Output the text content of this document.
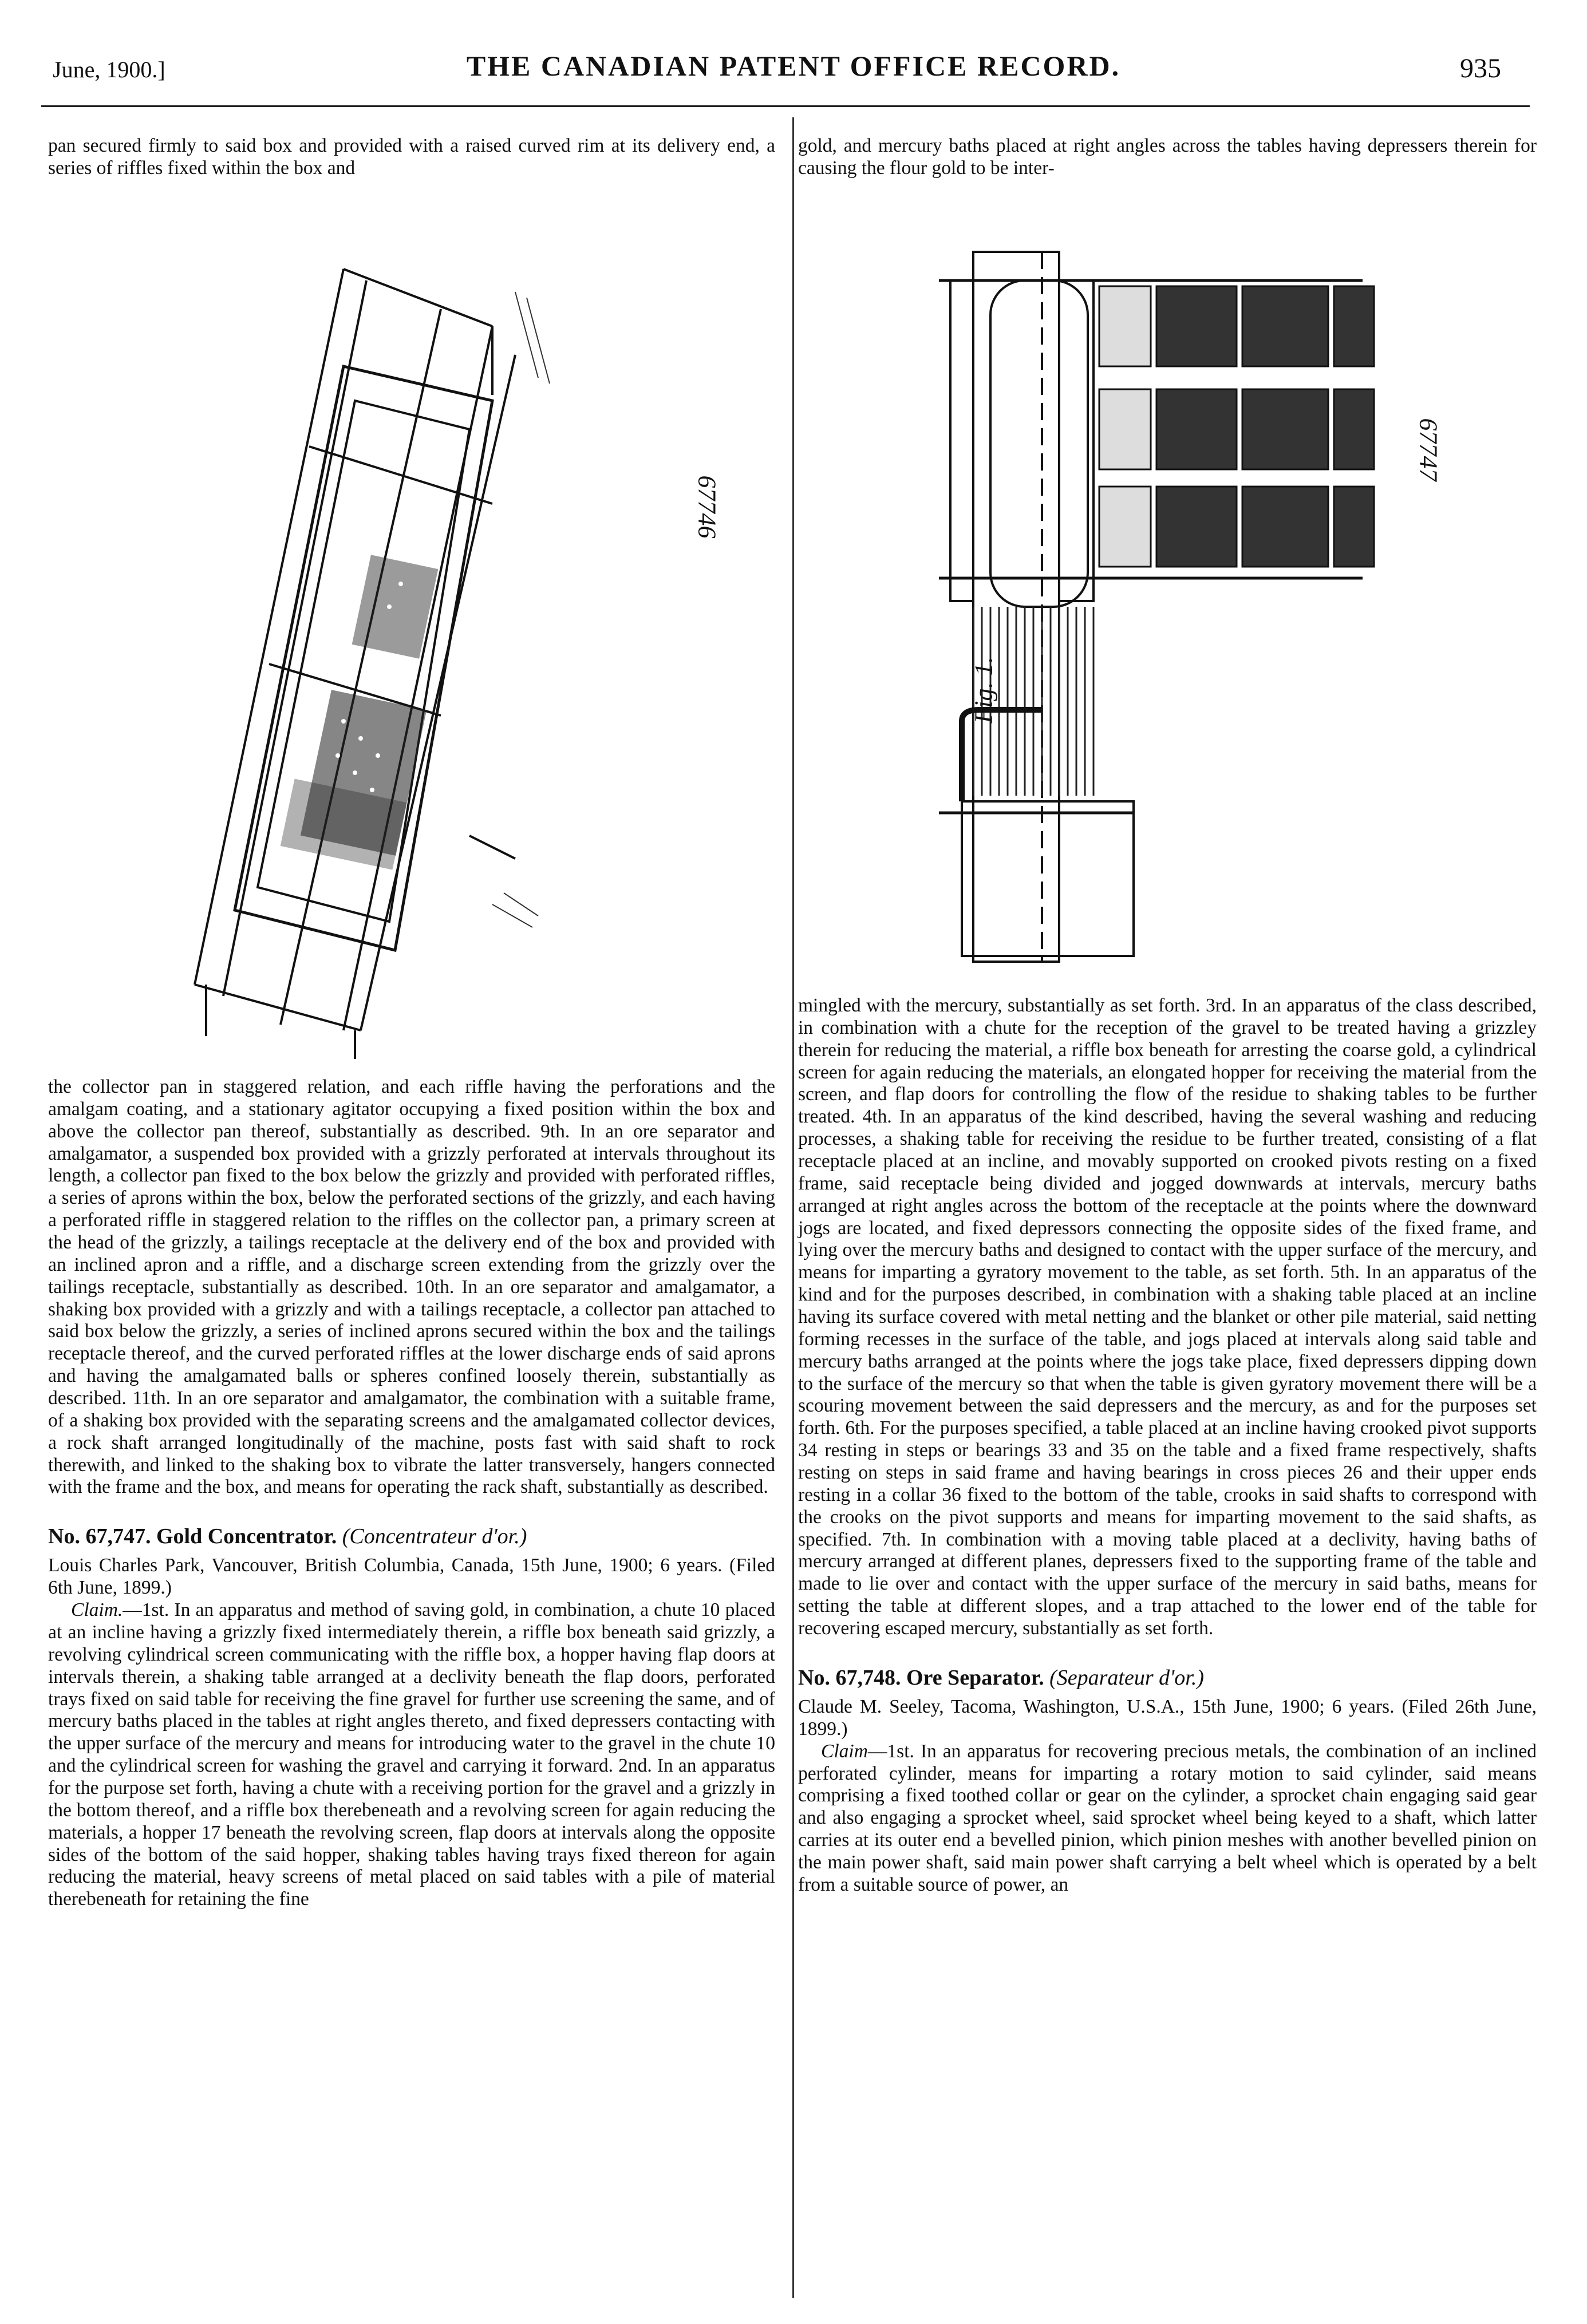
June, 1900.]	THE CANADIAN PATENT OFFICE RECORD.	935

pan secured firmly to said box and provided with a raised curved rim at its delivery end, a series of riffles fixed within the box and

67746

the collector pan in staggered relation, and each riffle having the perforations and the amalgam coating, and a stationary agitator occupying a fixed position within the box and above the collector pan thereof, substantially as described. 9th. In an ore separator and amalgamator, a suspended box provided with a grizzly perforated at intervals throughout its length, a collector pan fixed to the box below the grizzly and provided with perforated riffles, a series of aprons within the box, below the perforated sections of the grizzly, and each having a perforated riffle in staggered relation to the riffles on the collector pan, a primary screen at the head of the grizzly, a tailings receptacle at the delivery end of the box and provided with an inclined apron and a riffle, and a discharge screen extending from the grizzly over the tailings receptacle, substantially as described. 10th. In an ore separator and amalgamator, a shaking box provided with a grizzly and with a tailings receptacle, a collector pan attached to said box below the grizzly, a series of inclined aprons secured within the box and the tailings receptacle thereof, and the curved perforated riffles at the lower discharge ends of said aprons and having the amalgamated balls or spheres confined loosely therein, substantially as described. 11th. In an ore separator and amalgamator, the combination with a suitable frame, of a shaking box provided with the separating screens and the amalgamated collector devices, a rock shaft arranged longitudinally of the machine, posts fast with said shaft to rock therewith, and linked to the shaking box to vibrate the latter transversely, hangers connected with the frame and the box, and means for operating the rack shaft, substantially as described.

No. 67,747. Gold Concentrator. (Concentrateur d'or.)

Louis Charles Park, Vancouver, British Columbia, Canada, 15th June, 1900; 6 years. (Filed 6th June, 1899.)

Claim.—1st. In an apparatus and method of saving gold, in combination, a chute 10 placed at an incline having a grizzly fixed intermediately therein, a riffle box beneath said grizzly, a revolving cylindrical screen communicating with the riffle box, a hopper having flap doors at intervals therein, a shaking table arranged at a declivity beneath the flap doors, perforated trays fixed on said table for receiving the fine gravel for further use screening the same, and of mercury baths placed in the tables at right angles thereto, and fixed depressers contacting with the upper surface of the mercury and means for introducing water to the gravel in the chute 10 and the cylindrical screen for washing the gravel and carrying it forward. 2nd. In an apparatus for the purpose set forth, having a chute with a receiving portion for the gravel and a grizzly in the bottom thereof, and a riffle box therebeneath and a revolving screen for again reducing the materials, a hopper 17 beneath the revolving screen, flap doors at intervals along the opposite sides of the bottom of the said hopper, shaking tables having trays fixed thereon for again reducing the material, heavy screens of metal placed on said tables with a pile of material therebeneath for retaining the fine

gold, and mercury baths placed at right angles across the tables having depressers therein for causing the flour gold to be inter-

mingled with the mercury, substantially as set forth. 3rd. In an apparatus of the class described, in combination with a chute for the reception of the gravel to be treated having a grizzley therein for reducing the material, a riffle box beneath for arresting the coarse gold, a cylindrical screen for again reducing the materials, an elongated hopper for receiving the material from the screen, and flap doors for controlling the flow of the residue to shaking tables to be further treated. 4th. In an apparatus of the kind described, having the several washing and reducing processes, a shaking table for receiving the residue to be further treated, consisting of a flat receptacle placed at an incline, and movably supported on crooked pivots resting on a fixed frame, said receptacle being divided and jogged downwards at intervals, mercury baths arranged at right angles across the bottom of the receptacle at the points where the downward jogs are located, and fixed depressors connecting the opposite sides of the fixed frame, and lying over the mercury baths and designed to contact with the upper surface of the mercury, and means for imparting a gyratory movement to the table, as set forth. 5th. In an apparatus of the kind and for the purposes described, in combination with a shaking table placed at an incline having its surface covered with metal netting and the blanket or other pile material, said netting forming recesses in the surface of the table, and jogs placed at intervals along said table and mercury baths arranged at the points where the jogs take place, fixed depressers dipping down to the surface of the mercury so that when the table is given gyratory movement there will be a scouring movement between the said depressers and the mercury, as and for the purposes set forth. 6th. For the purposes specified, a table placed at an incline having crooked pivot supports 34 resting in steps or bearings 33 and 35 on the table and a fixed frame respectively, shafts resting on steps in said frame and having bearings in cross pieces 26 and their upper ends resting in a collar 36 fixed to the bottom of the table, crooks in said shafts to correspond with the crooks on the pivot supports and means for imparting movement to the said shafts, as specified. 7th. In combination with a moving table placed at a declivity, having baths of mercury arranged at different planes, depressers fixed to the supporting frame of the table and made to lie over and contact with the upper surface of the mercury in said baths, means for setting the table at different slopes, and a trap attached to the lower end of the table for recovering escaped mercury, substantially as set forth.

No. 67,748. Ore Separator. (Separateur d'or.)

Claude M. Seeley, Tacoma, Washington, U.S.A., 15th June, 1900; 6 years. (Filed 26th June, 1899.)

Claim—1st. In an apparatus for recovering precious metals, the combination of an inclined perforated cylinder, means for imparting a rotary motion to said cylinder, said means comprising a fixed toothed collar or gear on the cylinder, a sprocket chain engaging said gear and also engaging a sprocket wheel, said sprocket wheel being keyed to a shaft, which latter carries at its outer end a bevelled pinion, which pinion meshes with another bevelled pinion on the main power shaft, said main power shaft carrying a belt wheel which is operated by a belt from a suitable source of power, an

67747
Fig. 1.
